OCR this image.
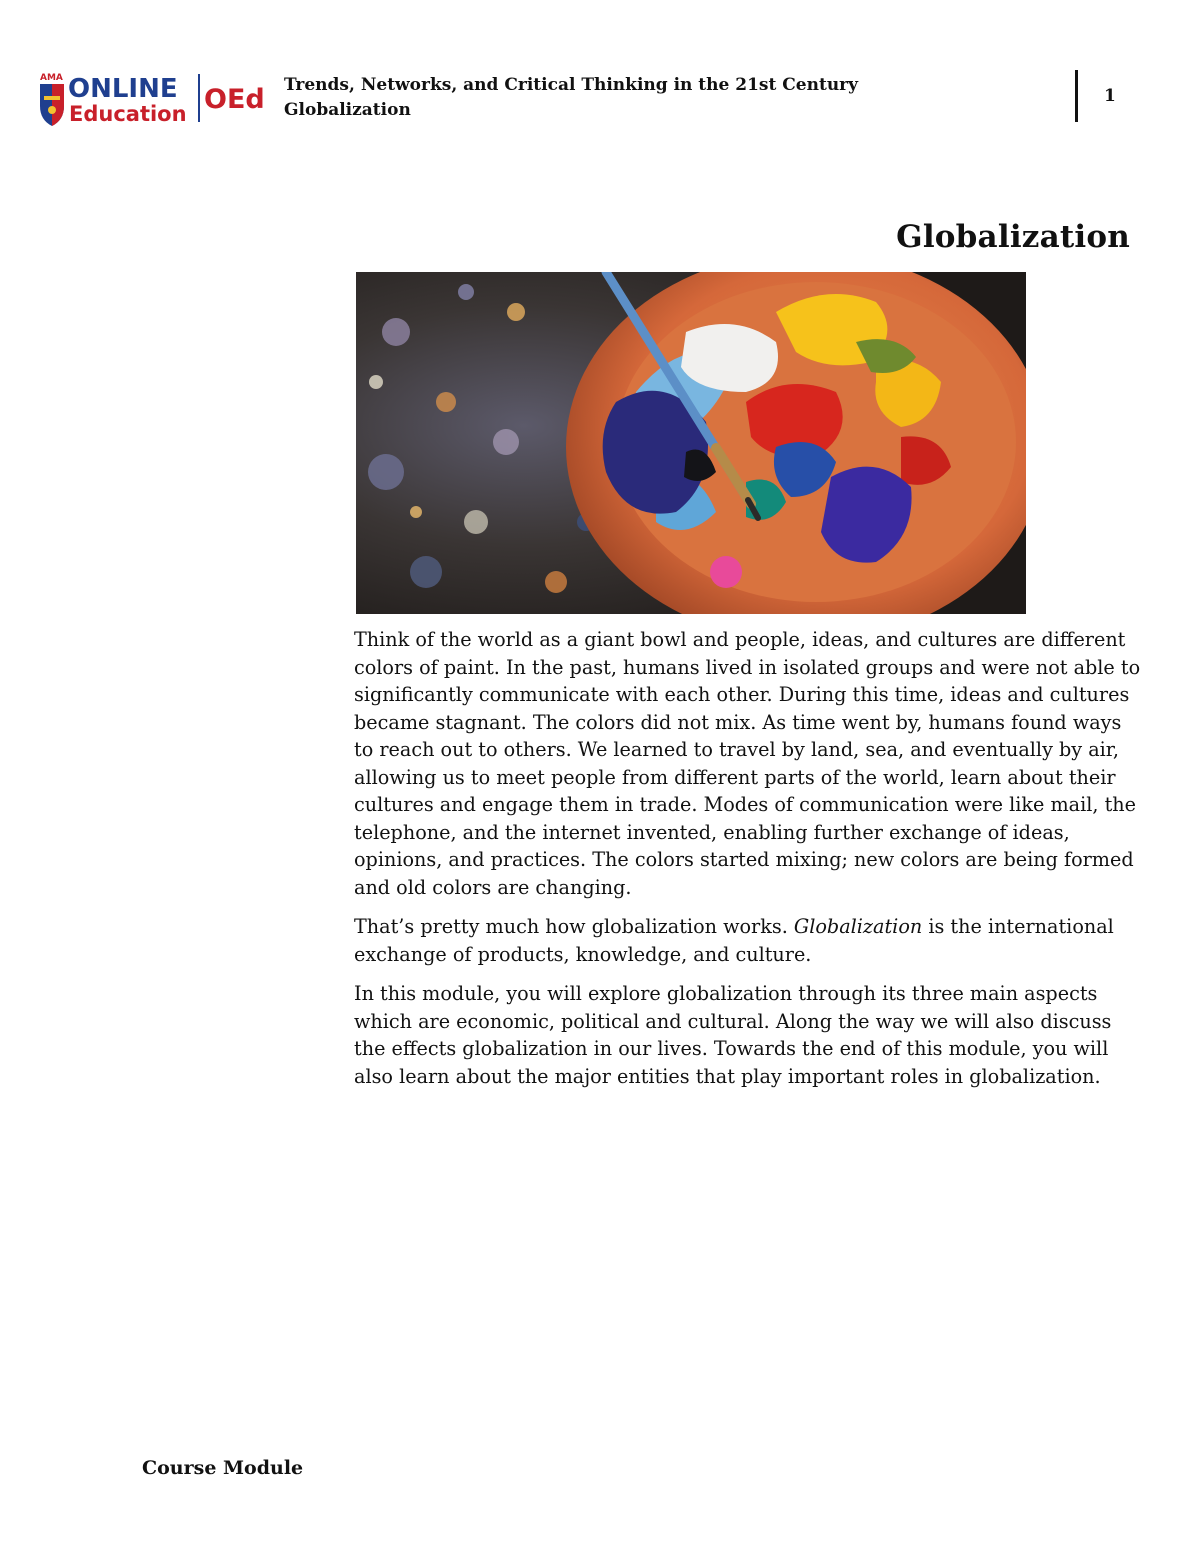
AMA ONLINE
Education OEd Trends, Networks, and Critical Thinking in the 21st Century
Globalization
1
Globalization

Think of the world as a giant bowl and people, ideas, and cultures are different colors of paint. In the past, humans lived in isolated groups and were not able to significantly communicate with each other. During this time, ideas and cultures became stagnant. The colors did not mix. As time went by, humans found ways to reach out to others. We learned to travel by land, sea, and eventually by air, allowing us to meet people from different parts of the world, learn about their cultures and engage them in trade. Modes of communication were like mail, the telephone, and the internet invented, enabling further exchange of ideas, opinions, and practices. The colors started mixing; new colors are being formed and old colors are changing.

That’s pretty much how globalization works. Globalization is the international exchange of products, knowledge, and culture.

In this module, you will explore globalization through its three main aspects which are economic, political and cultural. Along the way we will also discuss the effects globalization in our lives. Towards the end of this module, you will also learn about the major entities that play important roles in globalization.

Course Module
